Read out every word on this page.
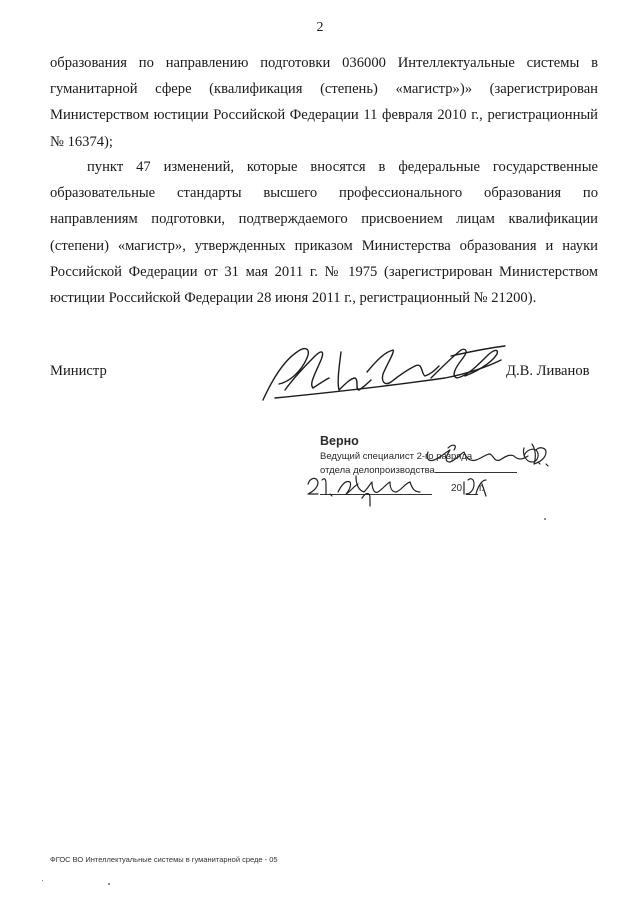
2

образования по направлению подготовки 036000 Интеллектуальные системы в гуманитарной сфере (квалификация (степень) «магистр»)» (зарегистрирован Министерством юстиции Российской Федерации 11 февраля 2010 г., регистрационный № 16374);

пункт 47 изменений, которые вносятся в федеральные государственные образовательные стандарты высшего профессионального образования по направлениям подготовки, подтверждаемого присвоением лицам квалификации (степени) «магистр», утвержденных приказом Министерства образования и науки Российской Федерации от 31 мая 2011 г. № 1975 (зарегистрирован Министерством юстиции Российской Федерации 28 июня 2011 г., регистрационный № 21200).

Министр	Д.В. Ливанов
Верно
Ведущий специалист 2-го разряда
отдела делопроизводства
20 г.
ФГОС ВО Интеллектуальные системы в гуманитарной среде - 05
